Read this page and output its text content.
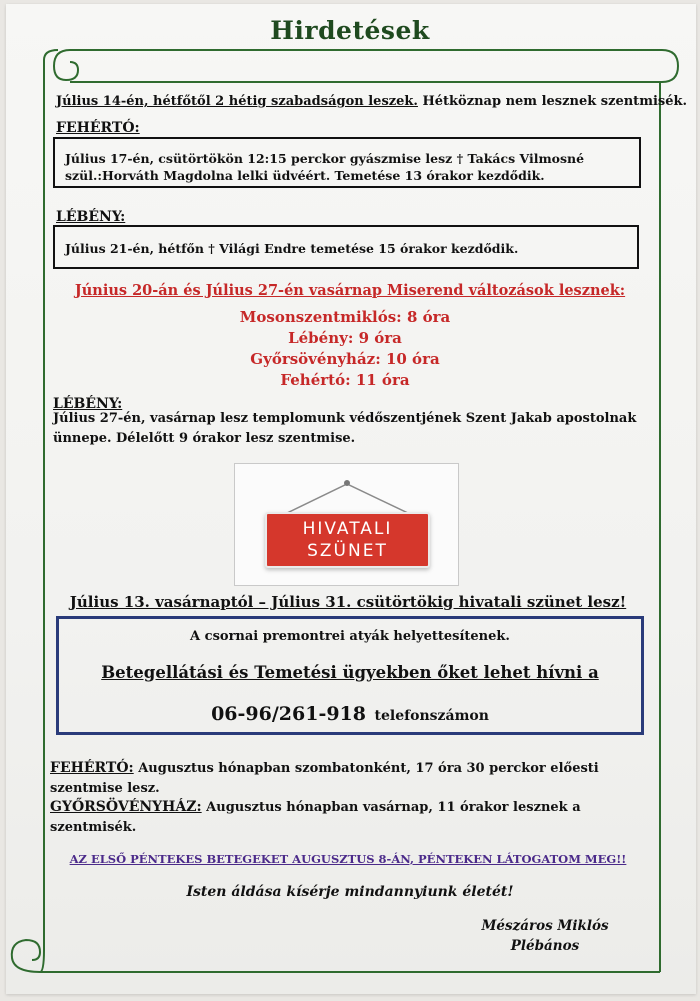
Hirdetések
Július 14-én, hétfőtől 2 hétig szabadságon leszek. Hétköznap nem lesznek szentmisék.
FEHÉRTÓ:
Július 17-én, csütörtökön 12:15 perckor gyászmise lesz † Takács Vilmosné
szül.:Horváth Magdolna lelki üdvéért. Temetése 13 órakor kezdődik.
LÉBÉNY:
Július 21-én, hétfőn † Világi Endre temetése 15 órakor kezdődik.
Június 20-án és Július 27-én vasárnap Miserend változások lesznek:
Mosonszentmiklós: 8 óra
Lébény: 9 óra
Győrsövényház: 10 óra
Fehértó: 11 óra
LÉBÉNY:
Július 27-én, vasárnap lesz templomunk védőszentjének Szent Jakab apostolnak
ünnepe. Délelőtt 9 órakor lesz szentmise.
HIVATALI
SZÜNET
Július 13. vasárnaptól – Július 31. csütörtökig hivatali szünet lesz!
A csornai premontrei atyák helyettesítenek.
Betegellátási és Temetési ügyekben őket lehet hívni a
06-96/261-918 telefonszámon
FEHÉRTÓ: Augusztus hónapban szombatonként, 17 óra 30 perckor előesti
szentmise lesz.
GYŐRSÖVÉNYHÁZ: Augusztus hónapban vasárnap, 11 órakor lesznek a
szentmisék.
AZ ELSŐ PÉNTEKES BETEGEKET AUGUSZTUS 8-ÁN, PÉNTEKEN LÁTOGATOM MEG!!
Isten áldása kísérje mindannyiunk életét!
Mészáros Miklós
Plébános
